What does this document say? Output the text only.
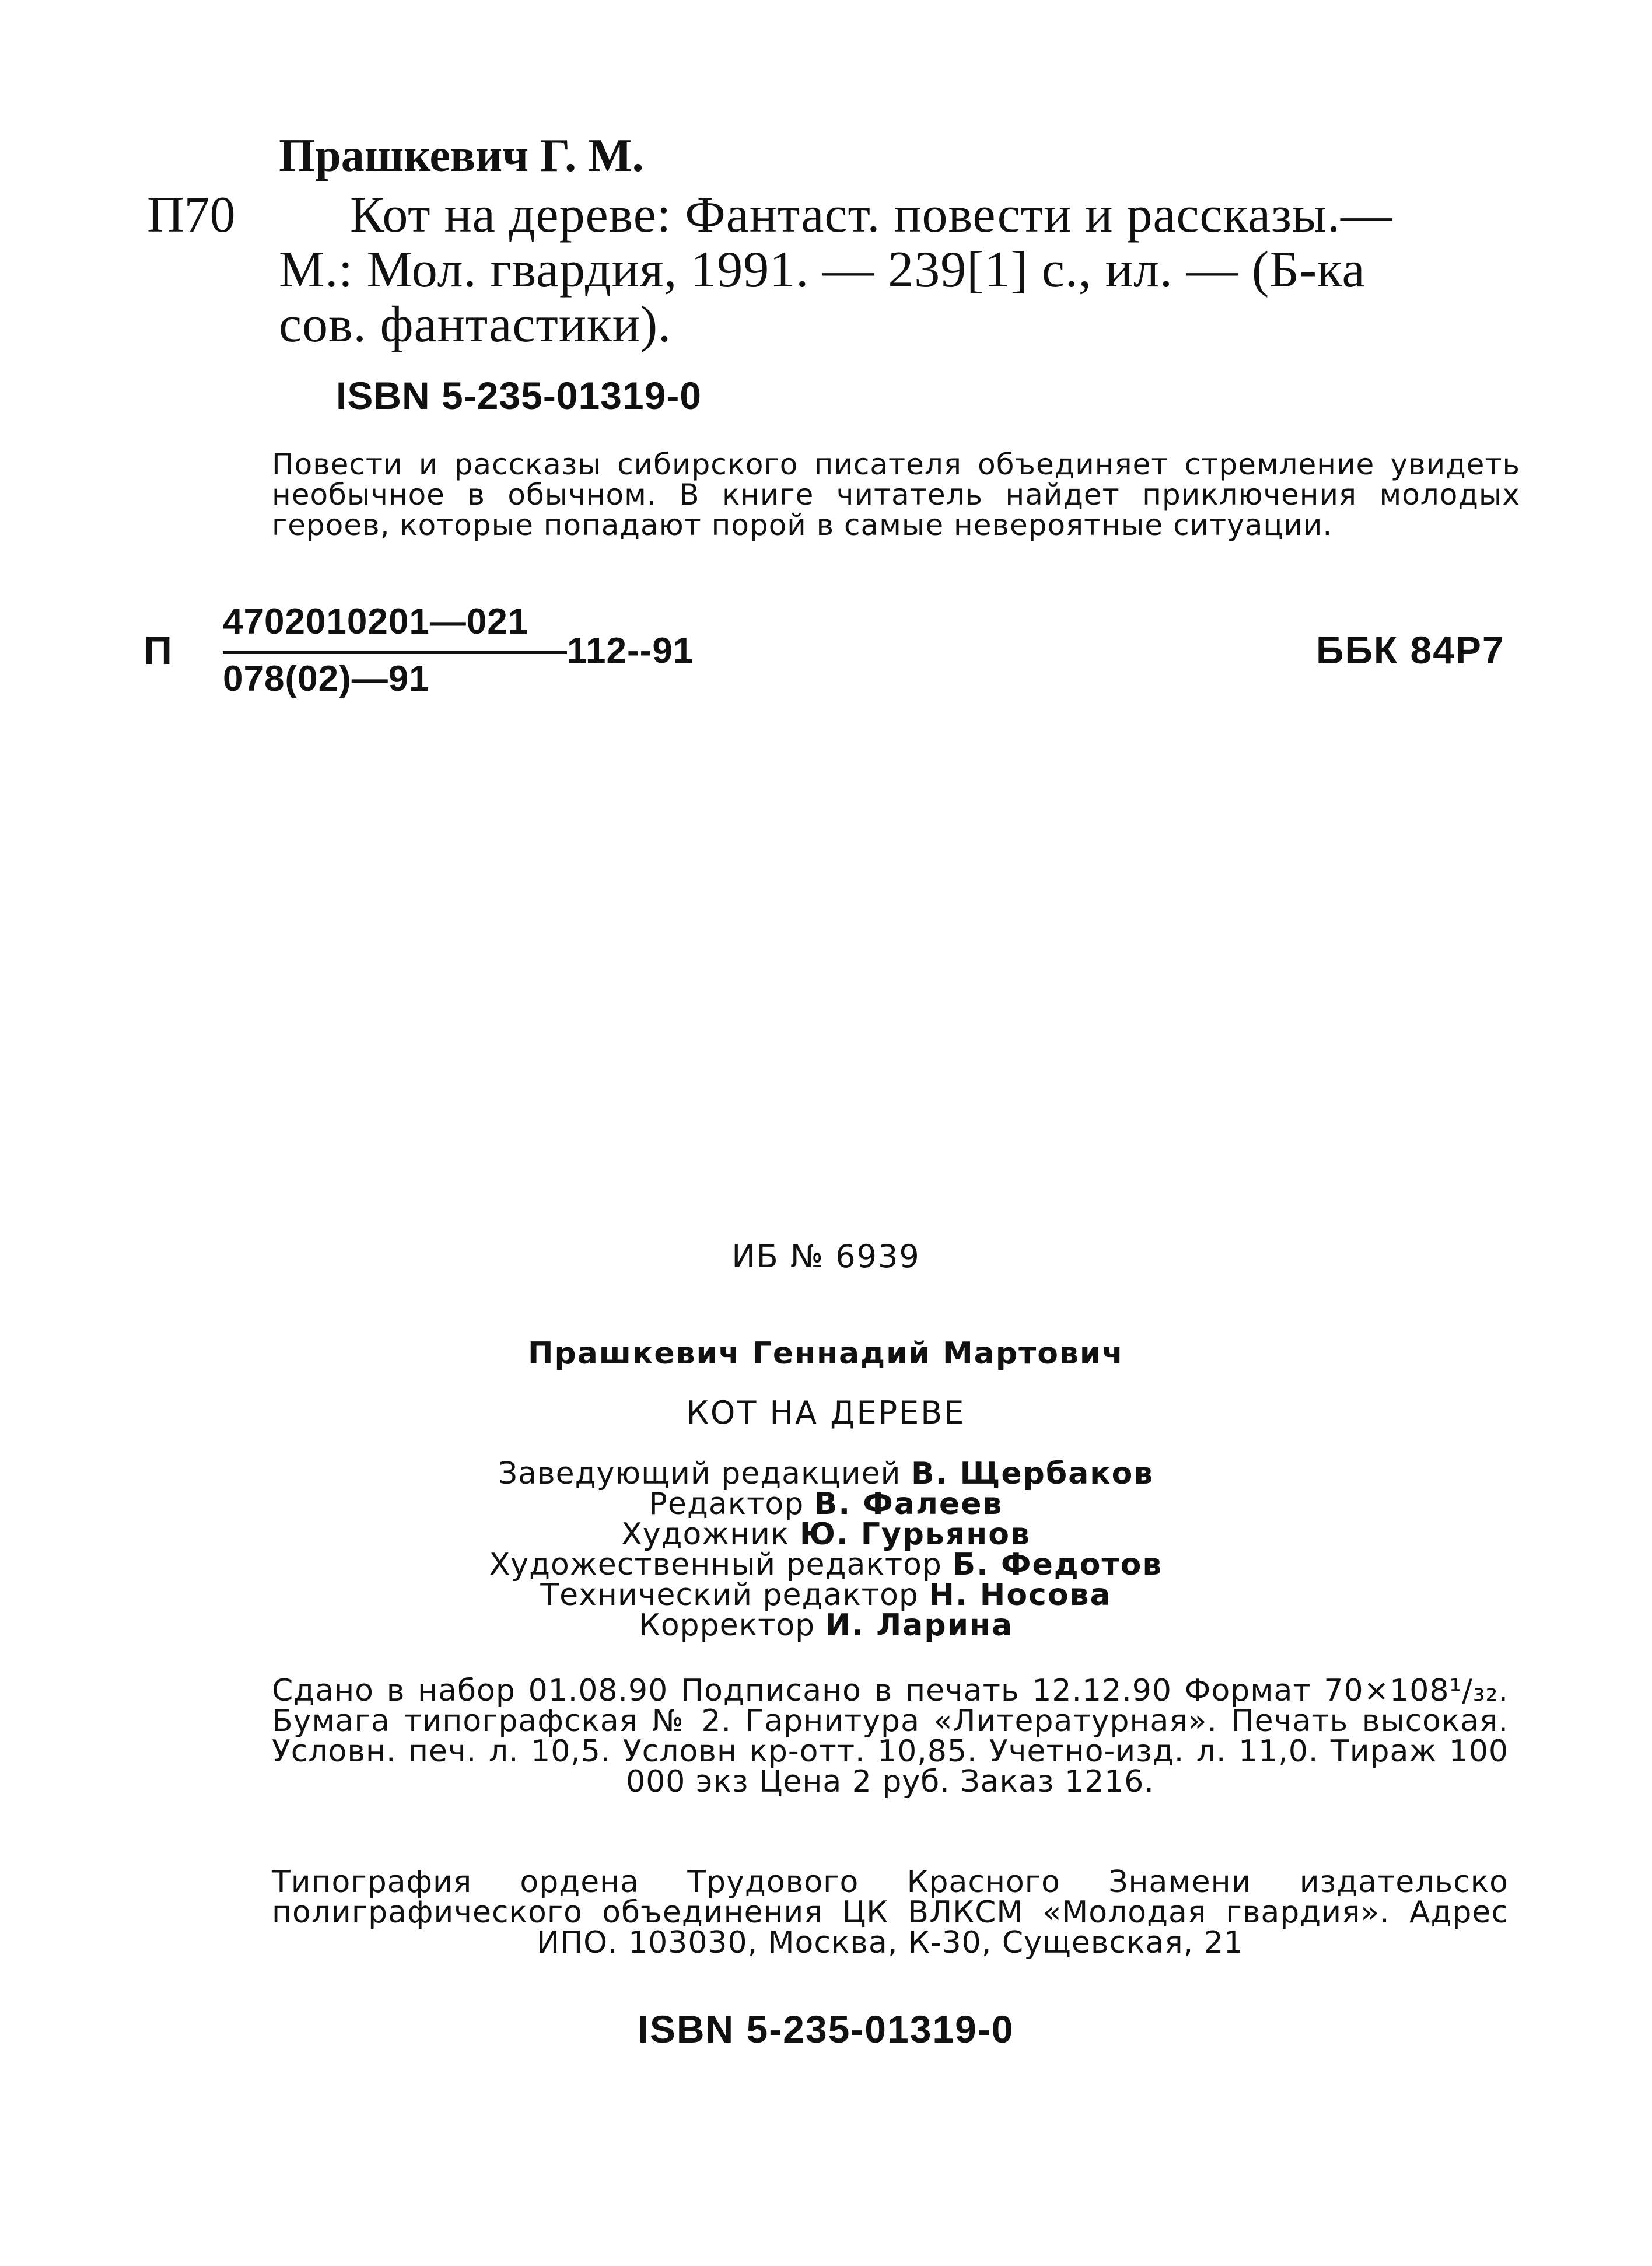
Прашкевич Г. М.
П70 Кот на дереве: Фантаст. повести и рассказы.—
М.: Мол. гвардия, 1991. — 239[1] с., ил. — (Б-ка
сов. фантастики).
ISBN 5-235-01319-0
Повести и рассказы сибирского писателя объединяет стремление увидеть необычное в обычном. В книге читатель найдет приключения молодых героев, которые попадают порой в самые невероятные ситуации.
П
4702010201—021
078(02)—91
112--91	ББК 84Р7
ИБ № 6939
Прашкевич Геннадий Мартович
КОТ НА ДЕРЕВЕ
Заведующий редакцией В. Щербаков
Редактор В. Фалеев
Художник Ю. Гурьянов
Художественный редактор Б. Федотов
Технический редактор Н. Носова
Корректор И. Ларина
Сдано в набор 01.08.90 Подписано в печать 12.12.90 Формат 70×108¹/₃₂. Бумага типографская № 2. Гарнитура «Литературная». Печать высокая. Условн. печ. л. 10,5. Условн кр-отт. 10,85. Учетно-изд. л. 11,0. Тираж 100 000 экз Цена 2 руб. Заказ 1216.
Типография ордена Трудового Красного Знамени издательско полиграфического объединения ЦК ВЛКСМ «Молодая гвардия». Адрес ИПО. 103030, Москва, К-30, Сущевская, 21
ISBN 5-235-01319-0
